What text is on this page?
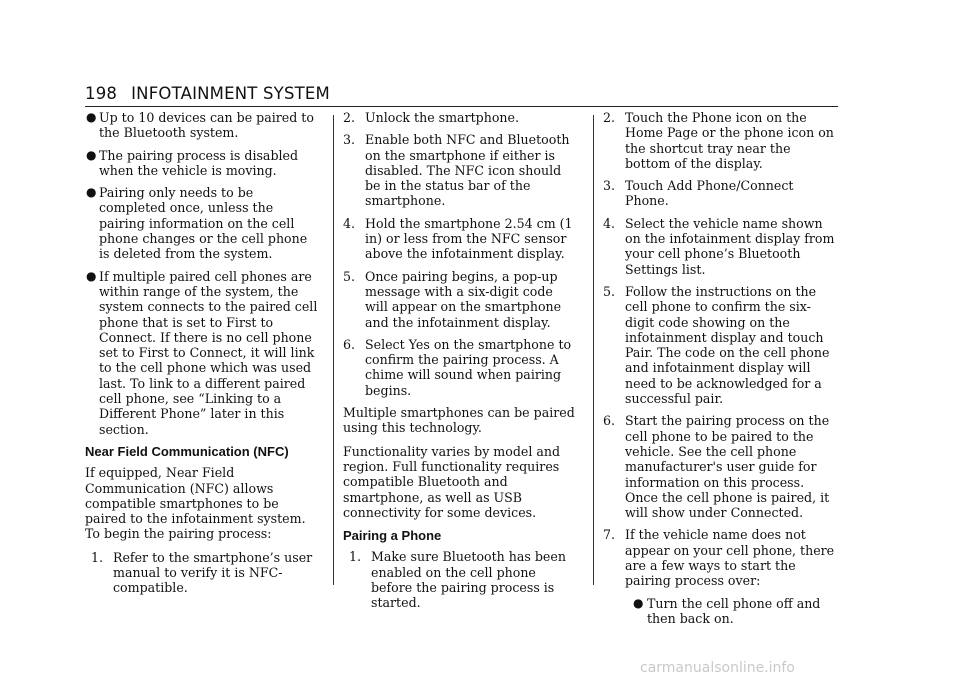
198 INFOTAINMENT SYSTEM
● Up to 10 devices can be paired to the Bluetooth system.
● The pairing process is disabled when the vehicle is moving.
● Pairing only needs to be completed once, unless the pairing information on the cell phone changes or the cell phone is deleted from the system.
● If multiple paired cell phones are within range of the system, the system connects to the paired cell phone that is set to First to Connect. If there is no cell phone set to First to Connect, it will link to the cell phone which was used last. To link to a different paired cell phone, see “Linking to a Different Phone” later in this section.
Near Field Communication (NFC)
If equipped, Near Field Communication (NFC) allows compatible smartphones to be paired to the infotainment system. To begin the pairing process:
1. Refer to the smartphone’s user manual to verify it is NFC-compatible.
2. Unlock the smartphone.
3. Enable both NFC and Bluetooth on the smartphone if either is disabled. The NFC icon should be in the status bar of the smartphone.
4. Hold the smartphone 2.54 cm (1 in) or less from the NFC sensor above the infotainment display.
5. Once pairing begins, a pop-up message with a six-digit code will appear on the smartphone and the infotainment display.
6. Select Yes on the smartphone to confirm the pairing process. A chime will sound when pairing begins.
Multiple smartphones can be paired using this technology.
Functionality varies by model and region. Full functionality requires compatible Bluetooth and smartphone, as well as USB connectivity for some devices.
Pairing a Phone
1. Make sure Bluetooth has been enabled on the cell phone before the pairing process is started.
2. Touch the Phone icon on the Home Page or the phone icon on the shortcut tray near the bottom of the display.
3. Touch Add Phone/Connect Phone.
4. Select the vehicle name shown on the infotainment display from your cell phone’s Bluetooth Settings list.
5. Follow the instructions on the cell phone to confirm the six-digit code showing on the infotainment display and touch Pair. The code on the cell phone and infotainment display will need to be acknowledged for a successful pair.
6. Start the pairing process on the cell phone to be paired to the vehicle. See the cell phone manufacturer's user guide for information on this process. Once the cell phone is paired, it will show under Connected.
7. If the vehicle name does not appear on your cell phone, there are a few ways to start the pairing process over:
● Turn the cell phone off and then back on.
carmanualsonline.info
